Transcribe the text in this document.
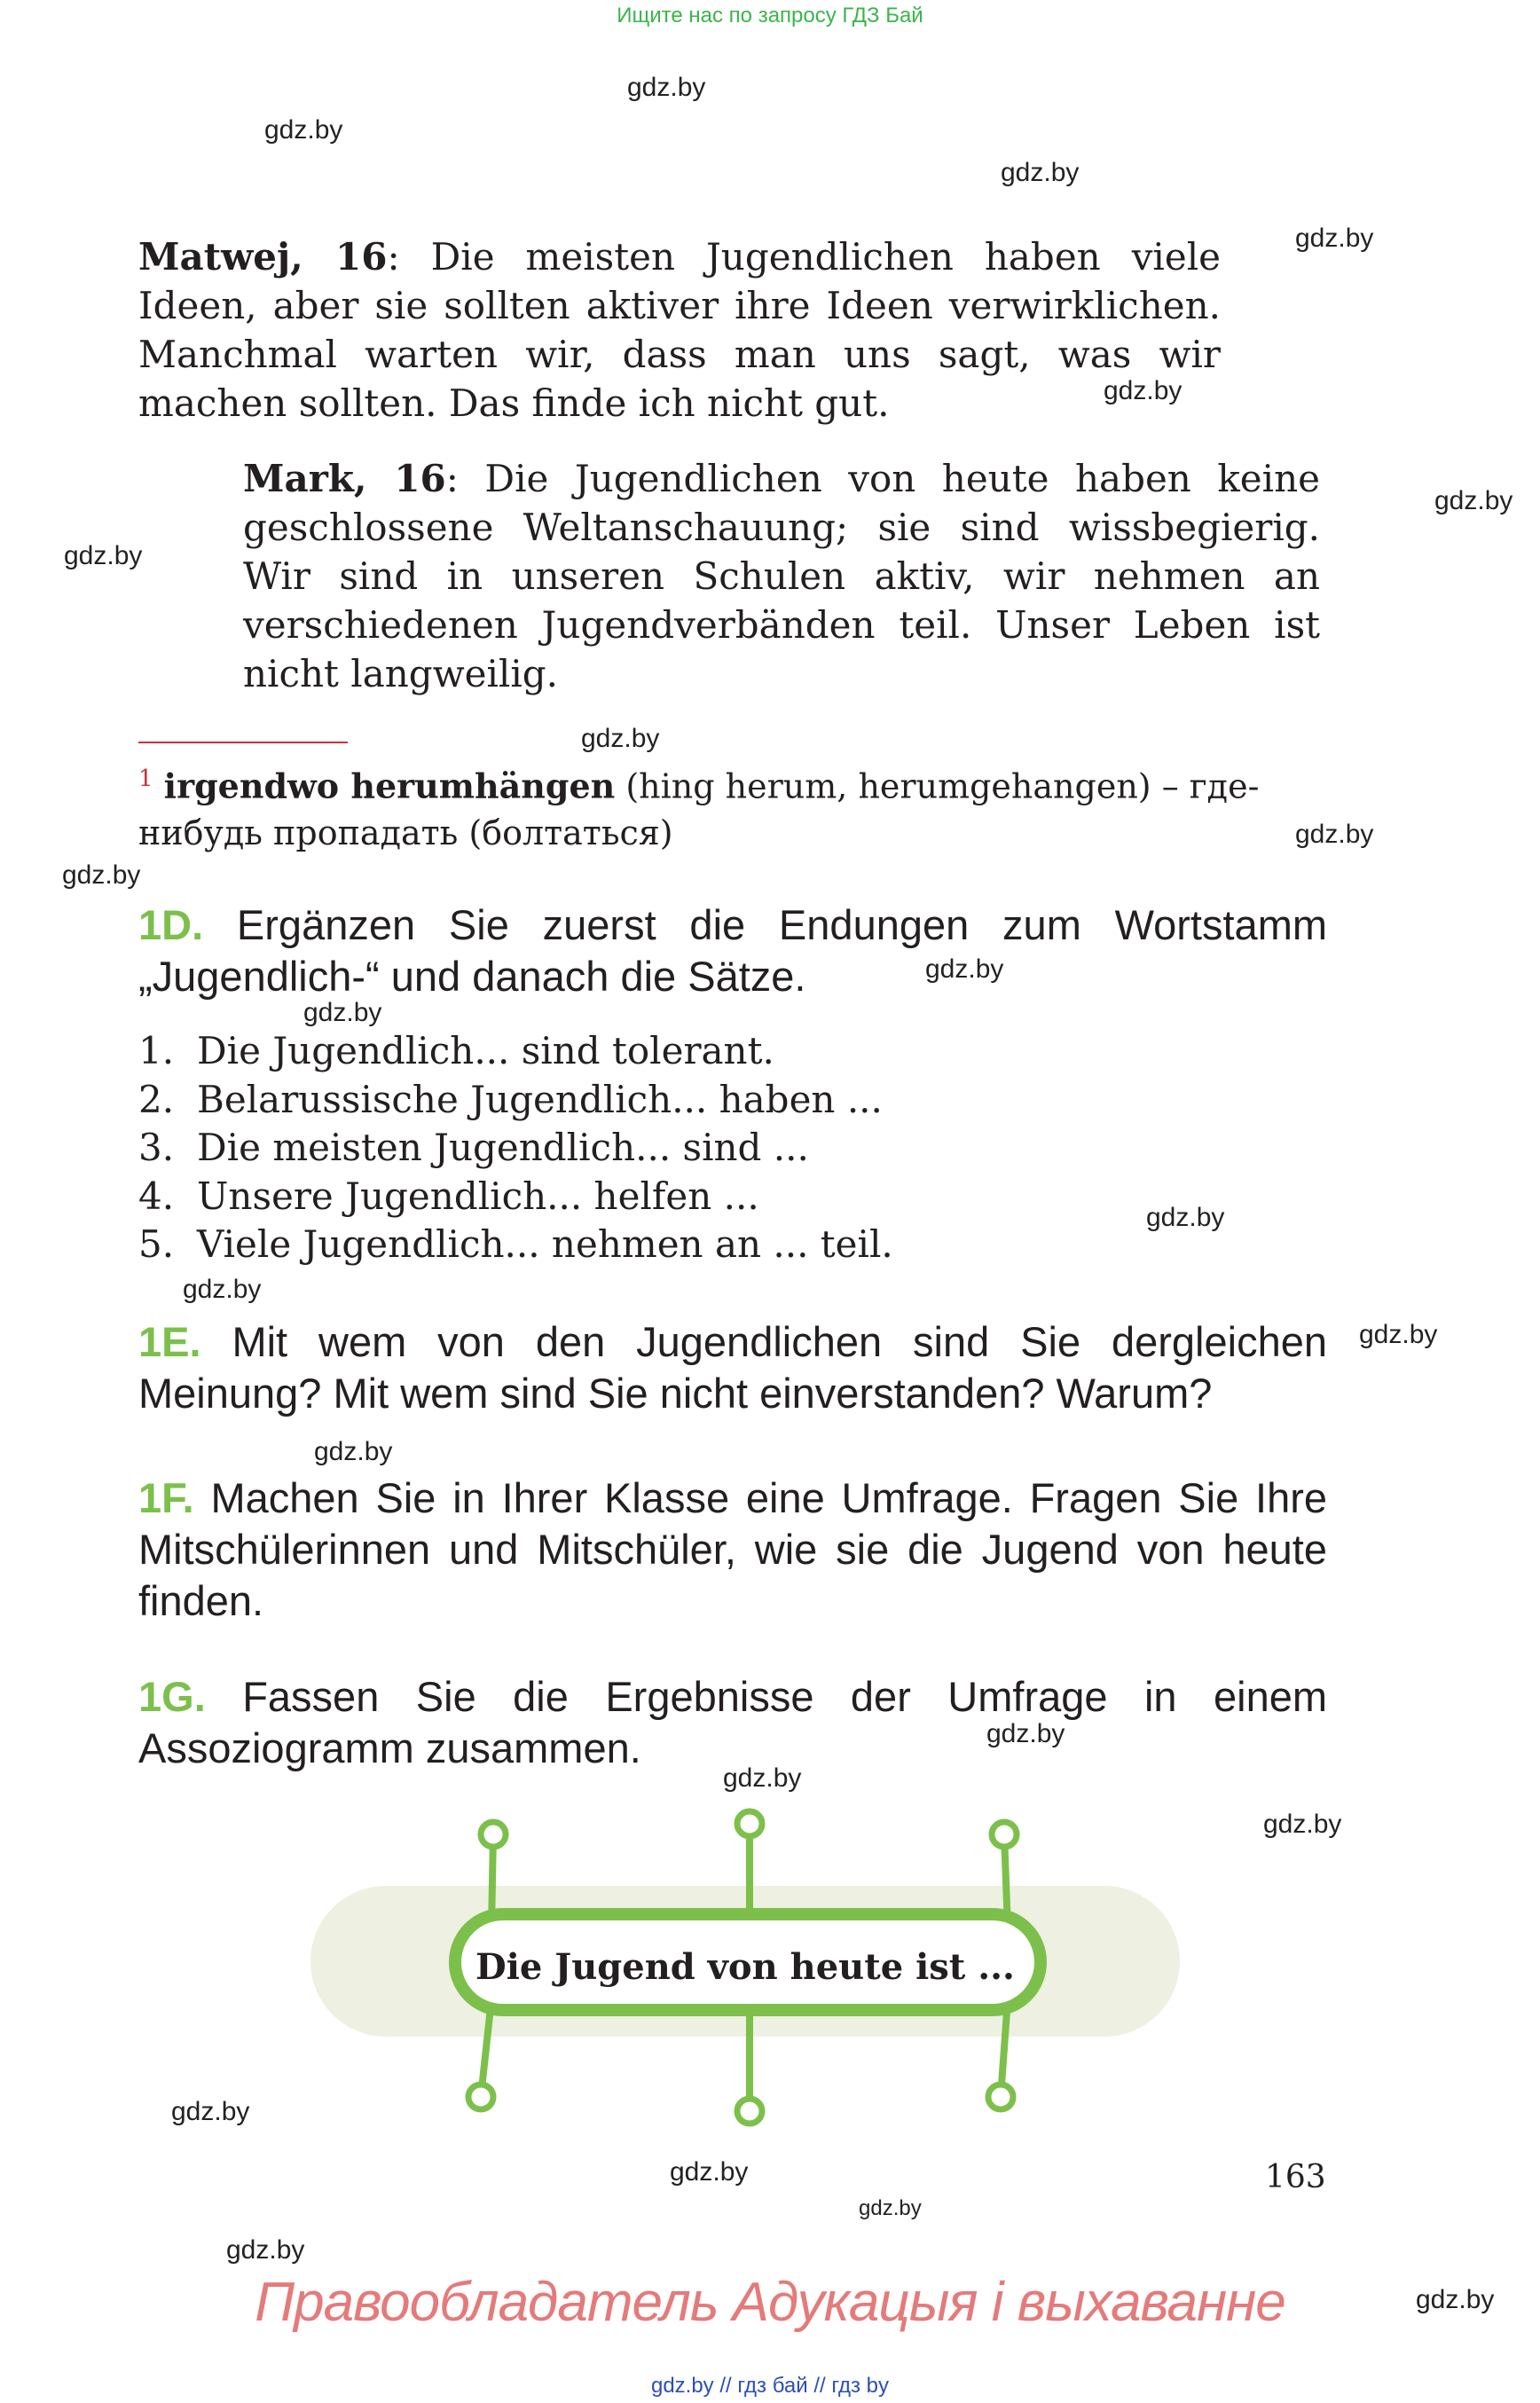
Ищите нас по запросу ГДЗ Бай
gdz.by
gdz.by
gdz.by
gdz.by
gdz.by
gdz.by
gdz.by
gdz.by
gdz.by
gdz.by
gdz.by
gdz.by
gdz.by
gdz.by
gdz.by
gdz.by
gdz.by
gdz.by
gdz.by
gdz.by
gdz.by
gdz.by
gdz.by
gdz.by
Matwej, 16: Die meisten Jugendlichen haben viele Ideen, aber sie sollten aktiver ihre Ideen verwirklichen. Manchmal warten wir, dass man uns sagt, was wir machen sollten. Das finde ich nicht gut.
Mark, 16: Die Jugendlichen von heute haben keine geschlossene Weltanschauung; sie sind wissbegierig. Wir sind in unseren Schulen aktiv, wir nehmen an verschiedenen Jugendverbänden teil. Unser Leben ist nicht langweilig.
$^1$ irgendwo herumhängen (hing herum, herumgehangen) – где-нибудь пропадать (болтаться)
1D. Ergänzen Sie zuerst die Endungen zum Wortstamm „Jugendlich-“ und danach die Sätze.
1. Die Jugendlich... sind tolerant.
2. Belarussische Jugendlich... haben ...
3. Die meisten Jugendlich... sind ...
4. Unsere Jugendlich... helfen ...
5. Viele Jugendlich... nehmen an ... teil.
1E. Mit wem von den Jugendlichen sind Sie dergleichen Meinung? Mit wem sind Sie nicht einverstanden? Warum?
1F. Machen Sie in Ihrer Klasse eine Umfrage. Fragen Sie Ihre Mitschülerinnen und Mitschüler, wie sie die Jugend von heute finden.
1G. Fassen Sie die Ergebnisse der Umfrage in einem Assoziogramm zusammen.
Die Jugend von heute ist ...
163
Правообладатель Адукацыя і выхаванне
gdz.by // гдз бай // гдз by
